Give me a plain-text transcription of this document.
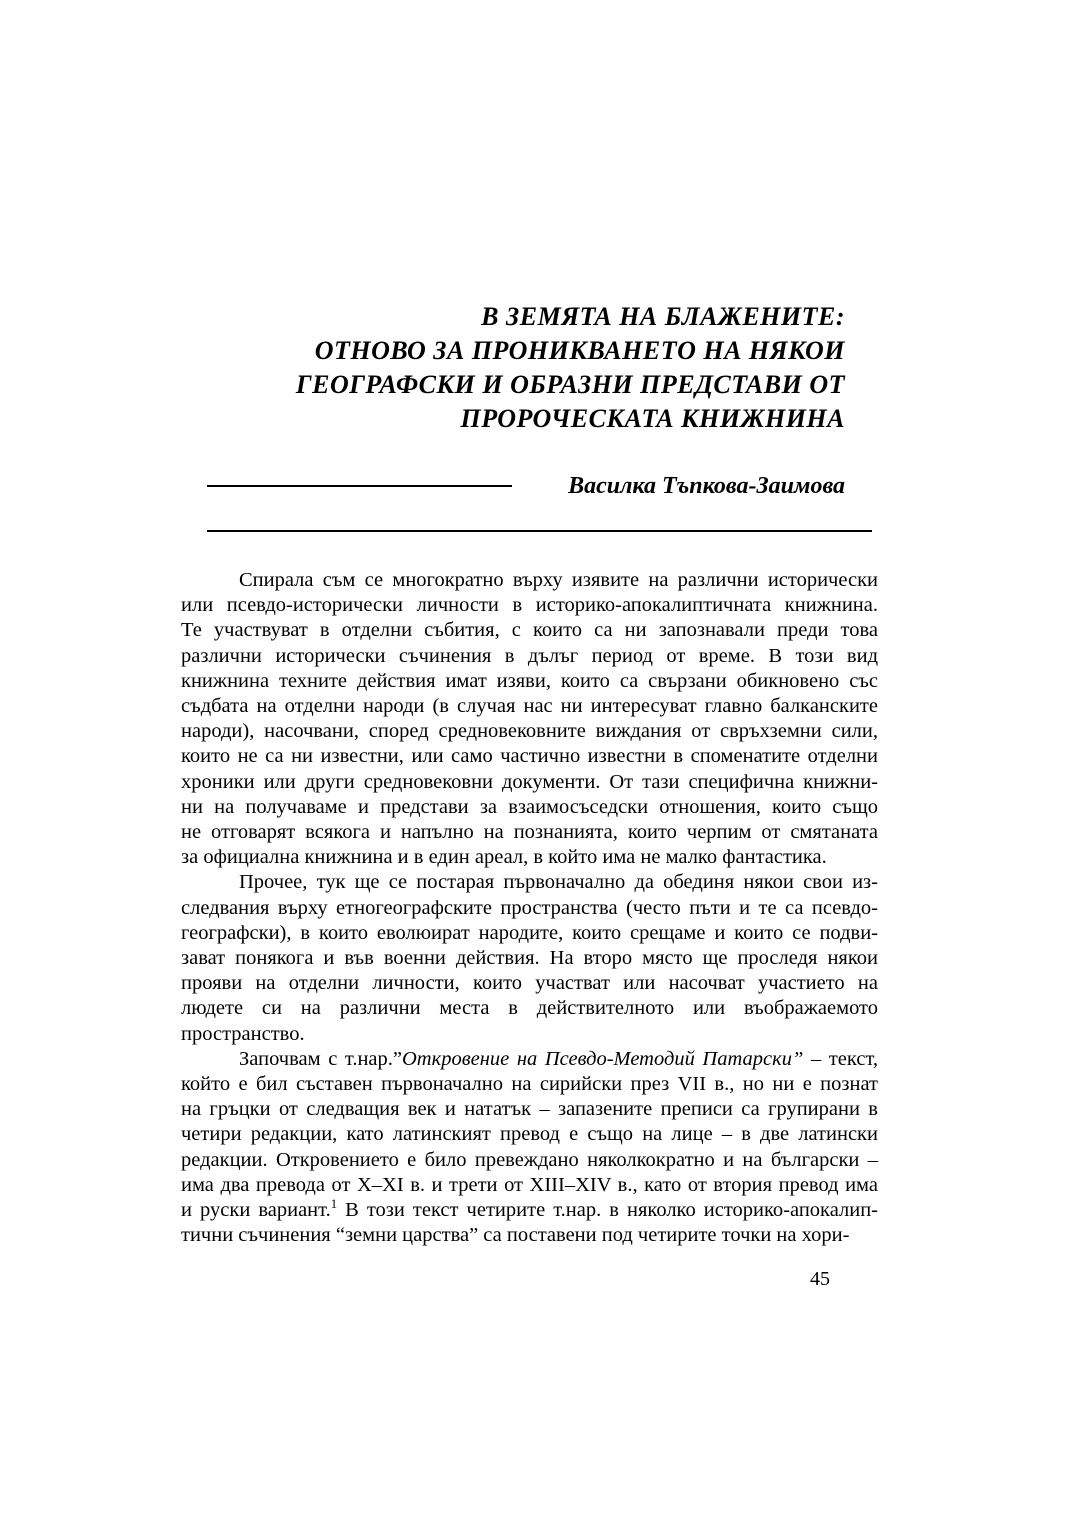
В ЗЕМЯТА НА БЛАЖЕНИТЕ:
ОТНОВО ЗА ПРОНИКВАНЕТО НА НЯКОИ
ГЕОГРАФСКИ И ОБРАЗНИ ПРЕДСТАВИ ОТ
ПРОРОЧЕСКАТА КНИЖНИНА
Василка Тъпкова-Заимова
Спирала съм се многократно върху изявите на различни исторически
или псевдо-исторически личности в историко-апокалиптичната книжнина.
Те участвуват в отделни събития, с които са ни запознавали преди това
различни исторически съчинения в дълъг период от време. В този вид
книжнина техните действия имат изяви, които са свързани обикновено със
съдбата на отделни народи (в случая нас ни интересуват главно балканските
народи), насочвани, според средновековните виждания от свръхземни сили,
които не са ни известни, или само частично известни в споменатите отделни
хроники или други средновековни документи. От тази специфична книжни-
ни на получаваме и представи за взаимосъседски отношения, които също
не отговарят всякога и напълно на познанията, които черпим от смятаната
за официална книжнина и в един ареал, в който има не малко фантастика.
Прочее, тук ще се постарая първоначално да обединя някои свои из-
следвания върху етногеографските пространства (често пъти и те са псевдо-
географски), в които еволюират народите, които срещаме и които се подви-
зават понякога и във военни действия. На второ място ще проследя някои
прояви на отделни личности, които участват или насочват участието на
людете си на различни места в действителното или въображаемото
пространство.
Започвам с т.нар.”Откровение на Псевдо-Методий Патарски” – текст,
който е бил съставен първоначално на сирийски през VII в., но ни е познат
на гръцки от следващия век и нататък – запазените преписи са групирани в
четири редакции, като латинският превод е също на лице – в две латински
редакции. Откровението е било превеждано няколкократно и на български –
има два превода от X–XI в. и трети от XIII–XIV в., като от втория превод има
и руски вариант.$^1$ В този текст четирите т.нар. в няколко историко-апокалип-
тични съчинения “земни царства” са поставени под четирите точки на хори-
45
